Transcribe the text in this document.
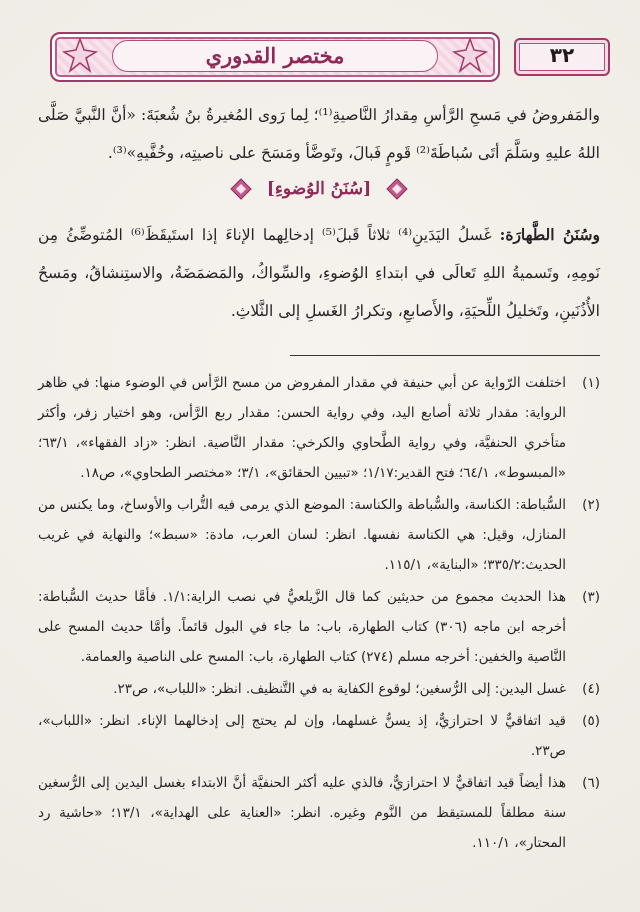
مختصر القدوري	٣٢

والمَفروضُ في مَسحِ الرَّأسِ مِقدارُ النَّاصيةِ⁽¹⁾؛ لِما رَوى المُغيرةُ بنُ شُعبَةَ: «أنَّ النَّبيَّ صَلَّى اللهُ عليهِ وسَلَّمَ أتَى سُباطَةَ⁽²⁾ قَومٍ فَبالَ، وتَوضَّأ ومَسَحَ على ناصيتِه، وخُفَّيهِ»⁽³⁾.

[سُنَنُ الوُضوءِ]

وسُنَنُ الطَّهارَة: غَسلُ اليَدَينِ⁽⁴⁾ ثلاثاً قَبلَ⁽⁵⁾ إدخالِهما الإناءَ إذا استَيقَظَ⁽⁶⁾ المُتوضِّئُ مِن نَومِهِ، وتَسميةُ اللهِ تَعالَى في ابتداءِ الوُضوءِ، والسِّواكُ، والمَضمَضَةُ، والاستِنشاقُ، ومَسحُ الأُذُنَينِ، وتَخليلُ اللِّحيَةِ، والأَصابعِ، وتكرارُ الغَسلِ إلى الثَّلاثِ.

(١)
اختلفت الرّواية عن أبي حنيفة في مقدار المفروض من مسح الرَّأس في الوضوء منها: في ظاهر الرواية: مقدار ثلاثة أصابع اليد، وفي رواية الحسن: مقدار ربع الرَّأس، وهو اختيار زفر، وأكثر متأخري الحنفيَّة، وفي رواية الطَّحاوي والكرخي: مقدار النَّاصية. انظر: «زاد الفقهاء»، ٦٣/١؛ «المبسوط»، ٦٤/١؛ فتح القدير:١/١٧؛ «تبيين الحقائق»، ٣/١؛ «مختصر الطحاوي»، ص١٨.
(٢)
السُّباطة: الكناسة، والسُّباطة والكناسة: الموضع الذي يرمى فيه التُّراب والأوساخ، وما يكنس من المنازل، وقيل: هي الكناسة نفسها. انظر: لسان العرب، مادة: «سبط»؛ والنهاية في غريب الحديث:٣٣٥/٢؛ «البناية»، ١١٥/١.
(٣)
هذا الحديث مجموع من حديثين كما قال الزَّيلعيُّ في نصب الراية:١/١. فأمَّا حديث السُّباطة: أخرجه ابن ماجه (٣٠٦) كتاب الطهارة، باب: ما جاء في البول قائماً. وأمَّا حديث المسح على النَّاصية والخفين: أخرجه مسلم (٢٧٤) كتاب الطهارة، باب: المسح على الناصية والعمامة.
(٤)
غسل اليدين: إلى الرُّسغين؛ لوقوع الكفاية به في التَّنظيف. انظر: «اللباب»، ص٢٣.
(٥)
قيد اتفاقيٌّ لا احترازيٌّ، إذ يسنُّ غسلهما، وإن لم يحتج إلى إدخالهما الإناء. انظر: «اللباب»، ص٢٣.
(٦)
هذا أيضاً قيد اتفاقيٌّ لا احترازيٌّ، فالذي عليه أكثر الحنفيَّة أنَّ الابتداء بغسل اليدين إلى الرُّسغين سنة مطلقاً للمستيقظ من النَّوم وغيره. انظر: «العناية على الهداية»، ١٣/١؛ «حاشية رد المحتار»، ١١٠/١.
